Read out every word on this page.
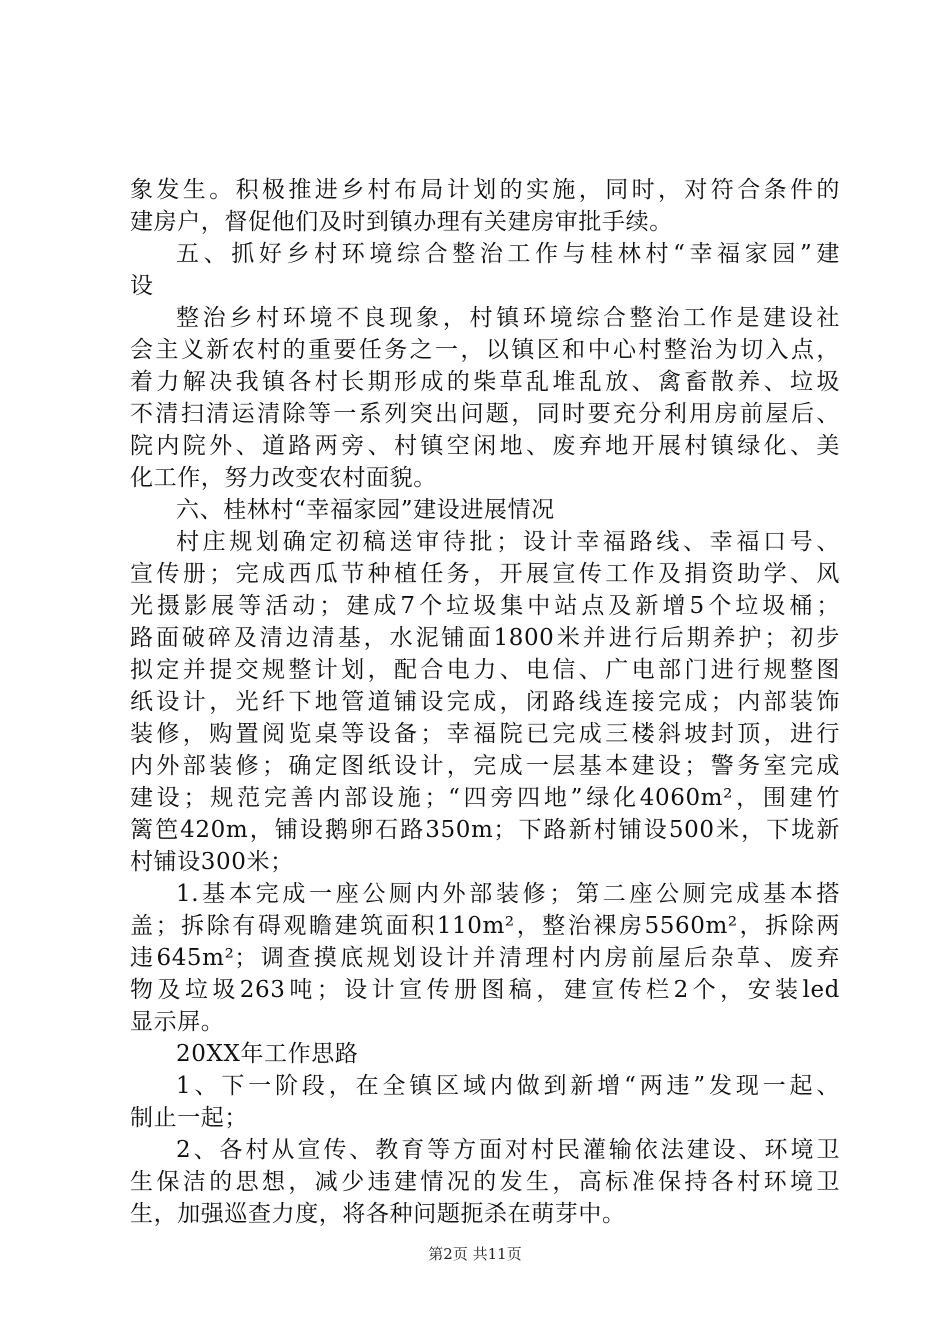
象发生。积极推进乡村布局计划的实施，同时，对符合条件的
建房户，督促他们及时到镇办理有关建房审批手续。
五、抓好乡村环境综合整治工作与桂林村“幸福家园”建
设
整治乡村环境不良现象，村镇环境综合整治工作是建设社
会主义新农村的重要任务之一，以镇区和中心村整治为切入点，
着力解决我镇各村长期形成的柴草乱堆乱放、禽畜散养、垃圾
不清扫清运清除等一系列突出问题，同时要充分利用房前屋后、
院内院外、道路两旁、村镇空闲地、废弃地开展村镇绿化、美
化工作，努力改变农村面貌。
六、桂林村“幸福家园”建设进展情况
村庄规划确定初稿送审待批；设计幸福路线、幸福口号、
宣传册；完成西瓜节种植任务，开展宣传工作及捐资助学、风
光摄影展等活动；建成7个垃圾集中站点及新增5个垃圾桶；
路面破碎及清边清基，水泥铺面1800米并进行后期养护；初步
拟定并提交规整计划，配合电力、电信、广电部门进行规整图
纸设计，光纤下地管道铺设完成，闭路线连接完成；内部装饰
装修，购置阅览桌等设备；幸福院已完成三楼斜坡封顶，进行
内外部装修；确定图纸设计，完成一层基本建设；警务室完成
建设；规范完善内部设施；“四旁四地”绿化4060m²，围建竹
篱笆420m，铺设鹅卵石路350m；下路新村铺设500米，下垅新
村铺设300米；
1.基本完成一座公厕内外部装修；第二座公厕完成基本搭
盖；拆除有碍观瞻建筑面积110m²，整治裸房5560m²，拆除两
违645m²；调查摸底规划设计并清理村内房前屋后杂草、废弃
物及垃圾263吨；设计宣传册图稿，建宣传栏2个，安装led
显示屏。
20XX年工作思路
1、下一阶段，在全镇区域内做到新增“两违”发现一起、
制止一起；
2、各村从宣传、教育等方面对村民灌输依法建设、环境卫
生保洁的思想，减少违建情况的发生，高标准保持各村环境卫
生，加强巡查力度，将各种问题扼杀在萌芽中。
第2页 共11页
